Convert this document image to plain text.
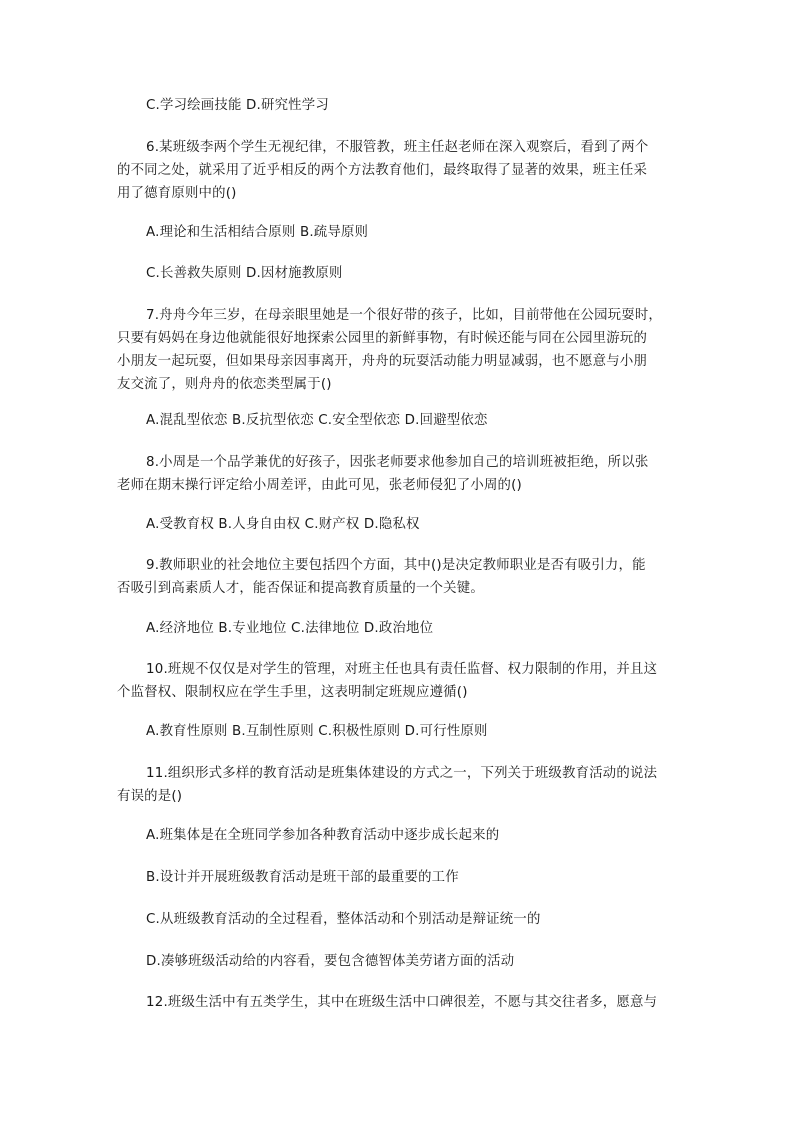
C.学习绘画技能 D.研究性学习
6.某班级李两个学生无视纪律，不服管教，班主任赵老师在深入观察后，看到了两个
的不同之处，就采用了近乎相反的两个方法教育他们，最终取得了显著的效果，班主任采
用了德育原则中的()
A.理论和生活相结合原则 B.疏导原则
C.长善救失原则 D.因材施教原则
7.舟舟今年三岁，在母亲眼里她是一个很好带的孩子，比如，目前带他在公园玩耍时，
只要有妈妈在身边他就能很好地探索公园里的新鲜事物，有时候还能与同在公园里游玩的
小朋友一起玩耍，但如果母亲因事离开，舟舟的玩耍活动能力明显减弱，也不愿意与小朋
友交流了，则舟舟的依恋类型属于()
A.混乱型依恋 B.反抗型依恋 C.安全型依恋 D.回避型依恋
8.小周是一个品学兼优的好孩子，因张老师要求他参加自己的培训班被拒绝，所以张
老师在期末操行评定给小周差评，由此可见，张老师侵犯了小周的()
A.受教育权 B.人身自由权 C.财产权 D.隐私权
9.教师职业的社会地位主要包括四个方面，其中()是决定教师职业是否有吸引力，能
否吸引到高素质人才，能否保证和提高教育质量的一个关键。
A.经济地位 B.专业地位 C.法律地位 D.政治地位
10.班规不仅仅是对学生的管理，对班主任也具有责任监督、权力限制的作用，并且这
个监督权、限制权应在学生手里，这表明制定班规应遵循()
A.教育性原则 B.互制性原则 C.积极性原则 D.可行性原则
11.组织形式多样的教育活动是班集体建设的方式之一，下列关于班级教育活动的说法
有误的是()
A.班集体是在全班同学参加各种教育活动中逐步成长起来的
B.设计并开展班级教育活动是班干部的最重要的工作
C.从班级教育活动的全过程看，整体活动和个别活动是辩证统一的
D.凑够班级活动给的内容看，要包含德智体美劳诸方面的活动
12.班级生活中有五类学生，其中在班级生活中口碑很差，不愿与其交往者多，愿意与
